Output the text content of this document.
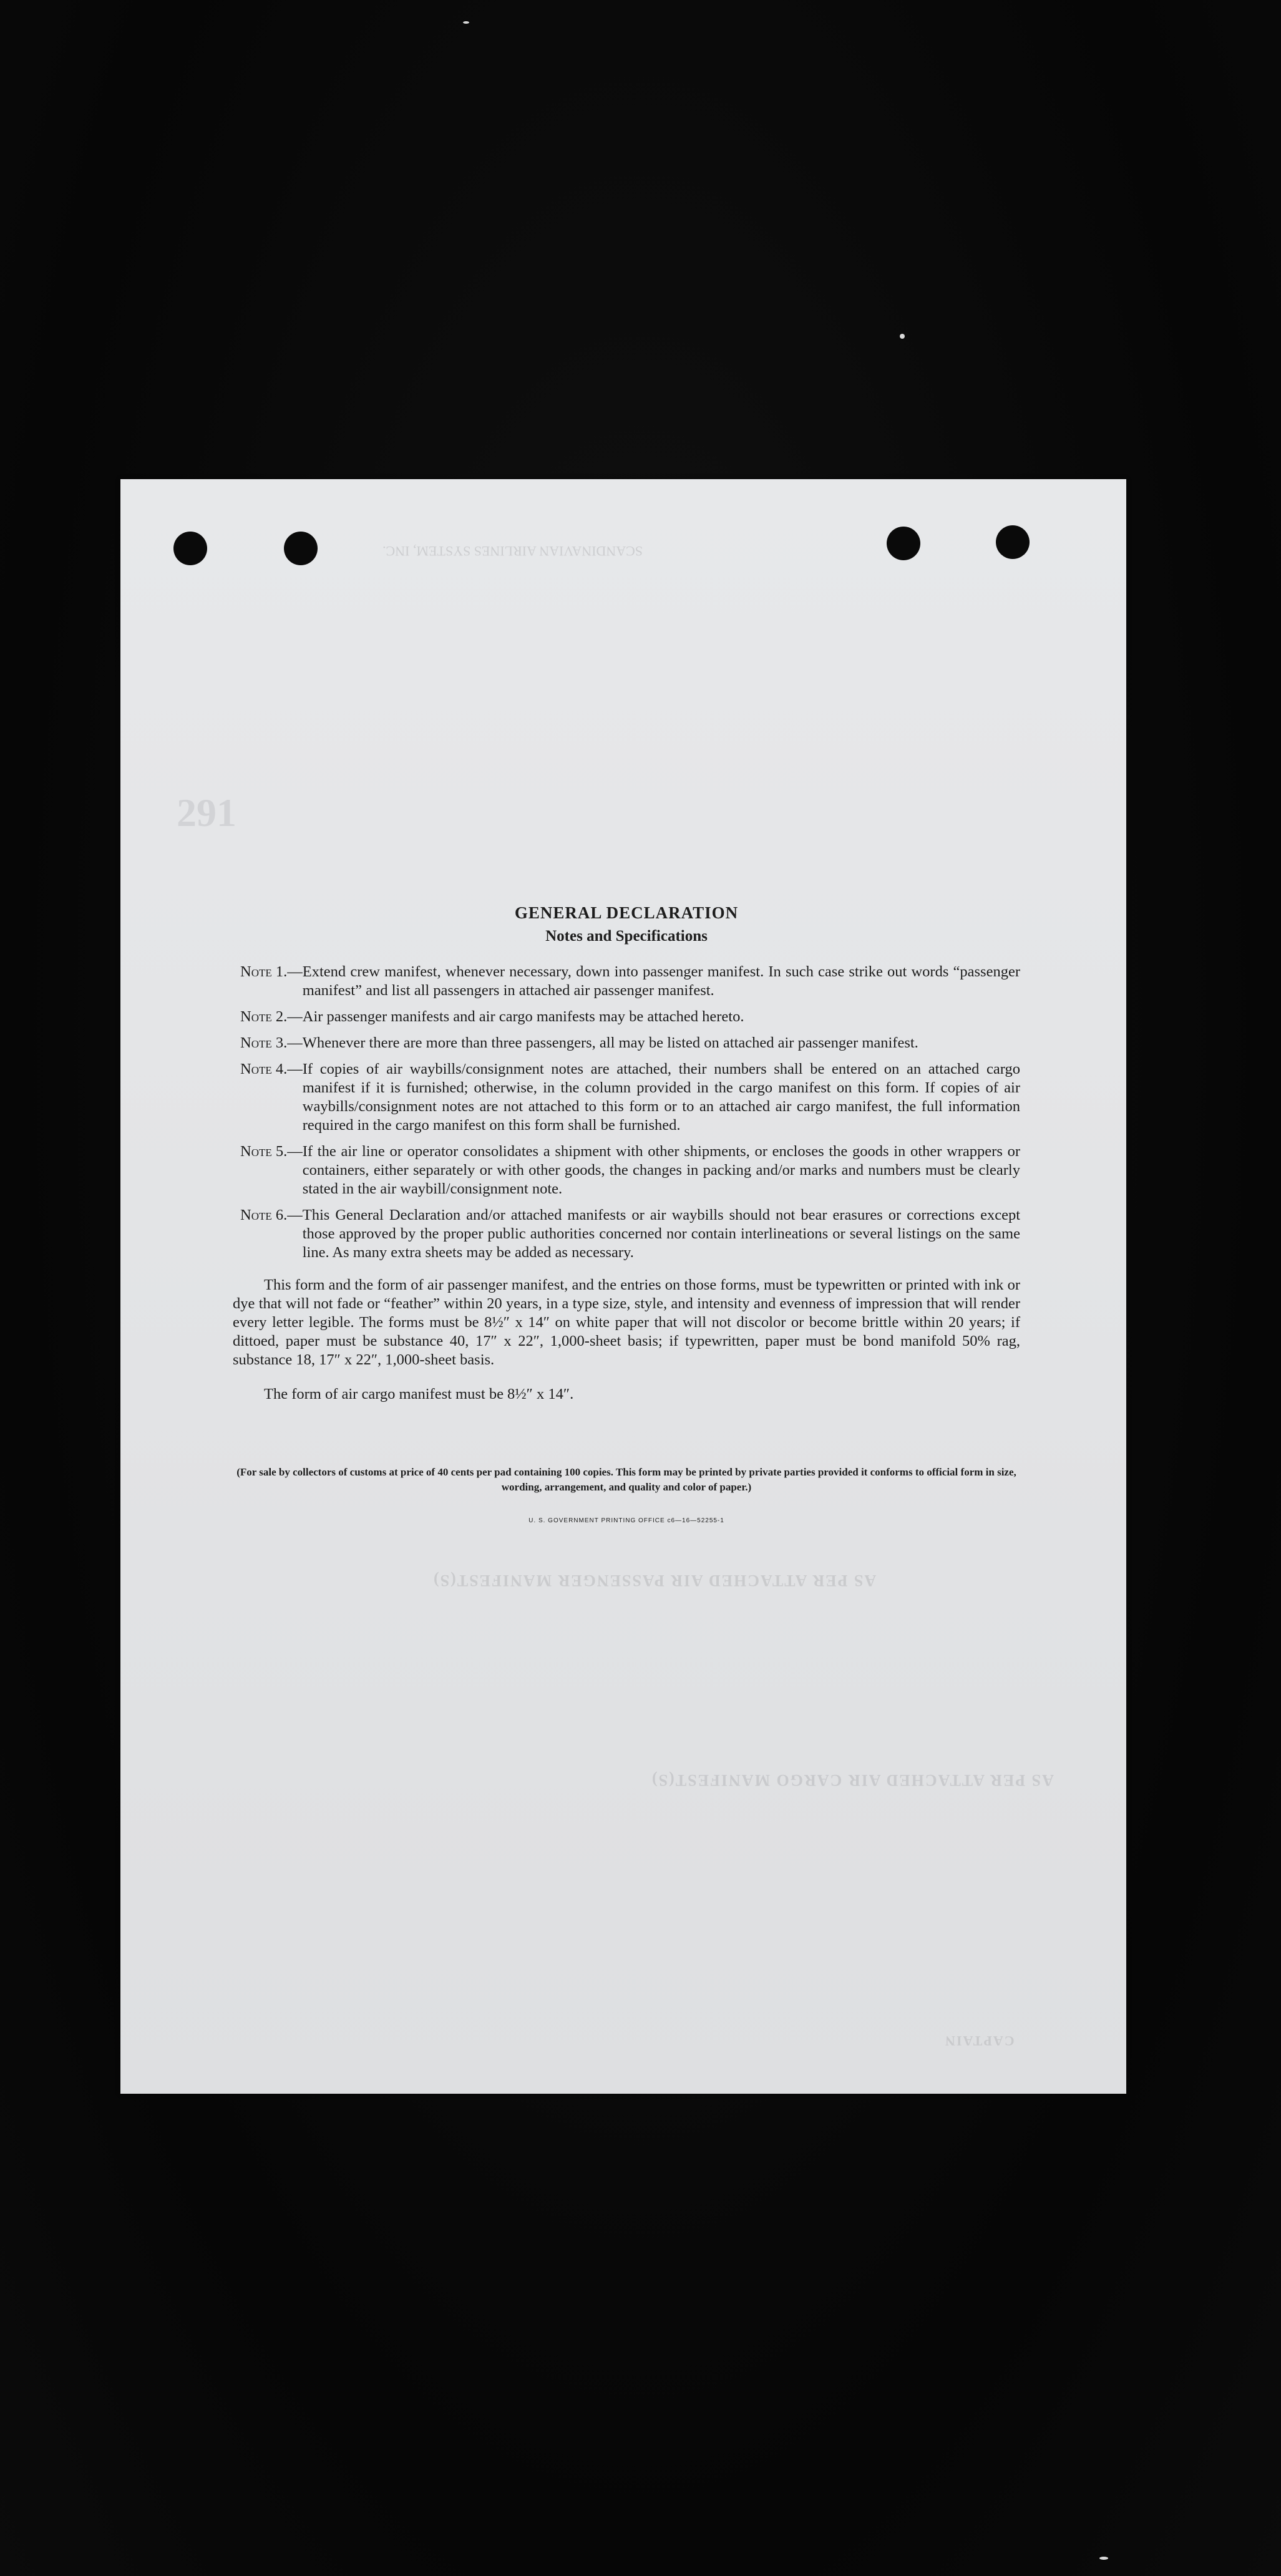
SCANDINAVIAN AIRLINES SYSTEM, INC.
291
AS PER ATTACHED AIR PASSENGER MANIFEST(S)
AS PER ATTACHED AIR CARGO MANIFEST(S)
CAPTAIN
GENERAL DECLARATION
Notes and Specifications
Note 1.— Extend crew manifest, whenever necessary, down into passenger manifest. In such case strike out words “passenger manifest” and list all passengers in attached air passenger manifest.
Note 2.— Air passenger manifests and air cargo manifests may be attached hereto.
Note 3.— Whenever there are more than three passengers, all may be listed on attached air passenger manifest.
Note 4.— If copies of air waybills/consignment notes are attached, their numbers shall be entered on an attached cargo manifest if it is furnished; otherwise, in the column provided in the cargo manifest on this form. If copies of air waybills/consignment notes are not attached to this form or to an attached air cargo manifest, the full information required in the cargo manifest on this form shall be furnished.
Note 5.— If the air line or operator consolidates a shipment with other shipments, or encloses the goods in other wrappers or containers, either separately or with other goods, the changes in packing and/or marks and numbers must be clearly stated in the air waybill/consignment note.
Note 6.— This General Declaration and/or attached manifests or air waybills should not bear erasures or corrections except those approved by the proper public authorities concerned nor contain interlineations or several listings on the same line. As many extra sheets may be added as necessary.

This form and the form of air passenger manifest, and the entries on those forms, must be typewritten or printed with ink or dye that will not fade or “feather” within 20 years, in a type size, style, and intensity and evenness of impression that will render every letter legible. The forms must be 8½″ x 14″ on white paper that will not discolor or become brittle within 20 years; if dittoed, paper must be substance 40, 17″ x 22″, 1,000-sheet basis; if typewritten, paper must be bond manifold 50% rag, substance 18, 17″ x 22″, 1,000-sheet basis.

The form of air cargo manifest must be 8½″ x 14″.

(For sale by collectors of customs at price of 40 cents per pad containing 100 copies. This form may be printed by private parties provided it conforms to official form in size, wording, arrangement, and quality and color of paper.)
U. S. GOVERNMENT PRINTING OFFICE c6—16—52255-1
